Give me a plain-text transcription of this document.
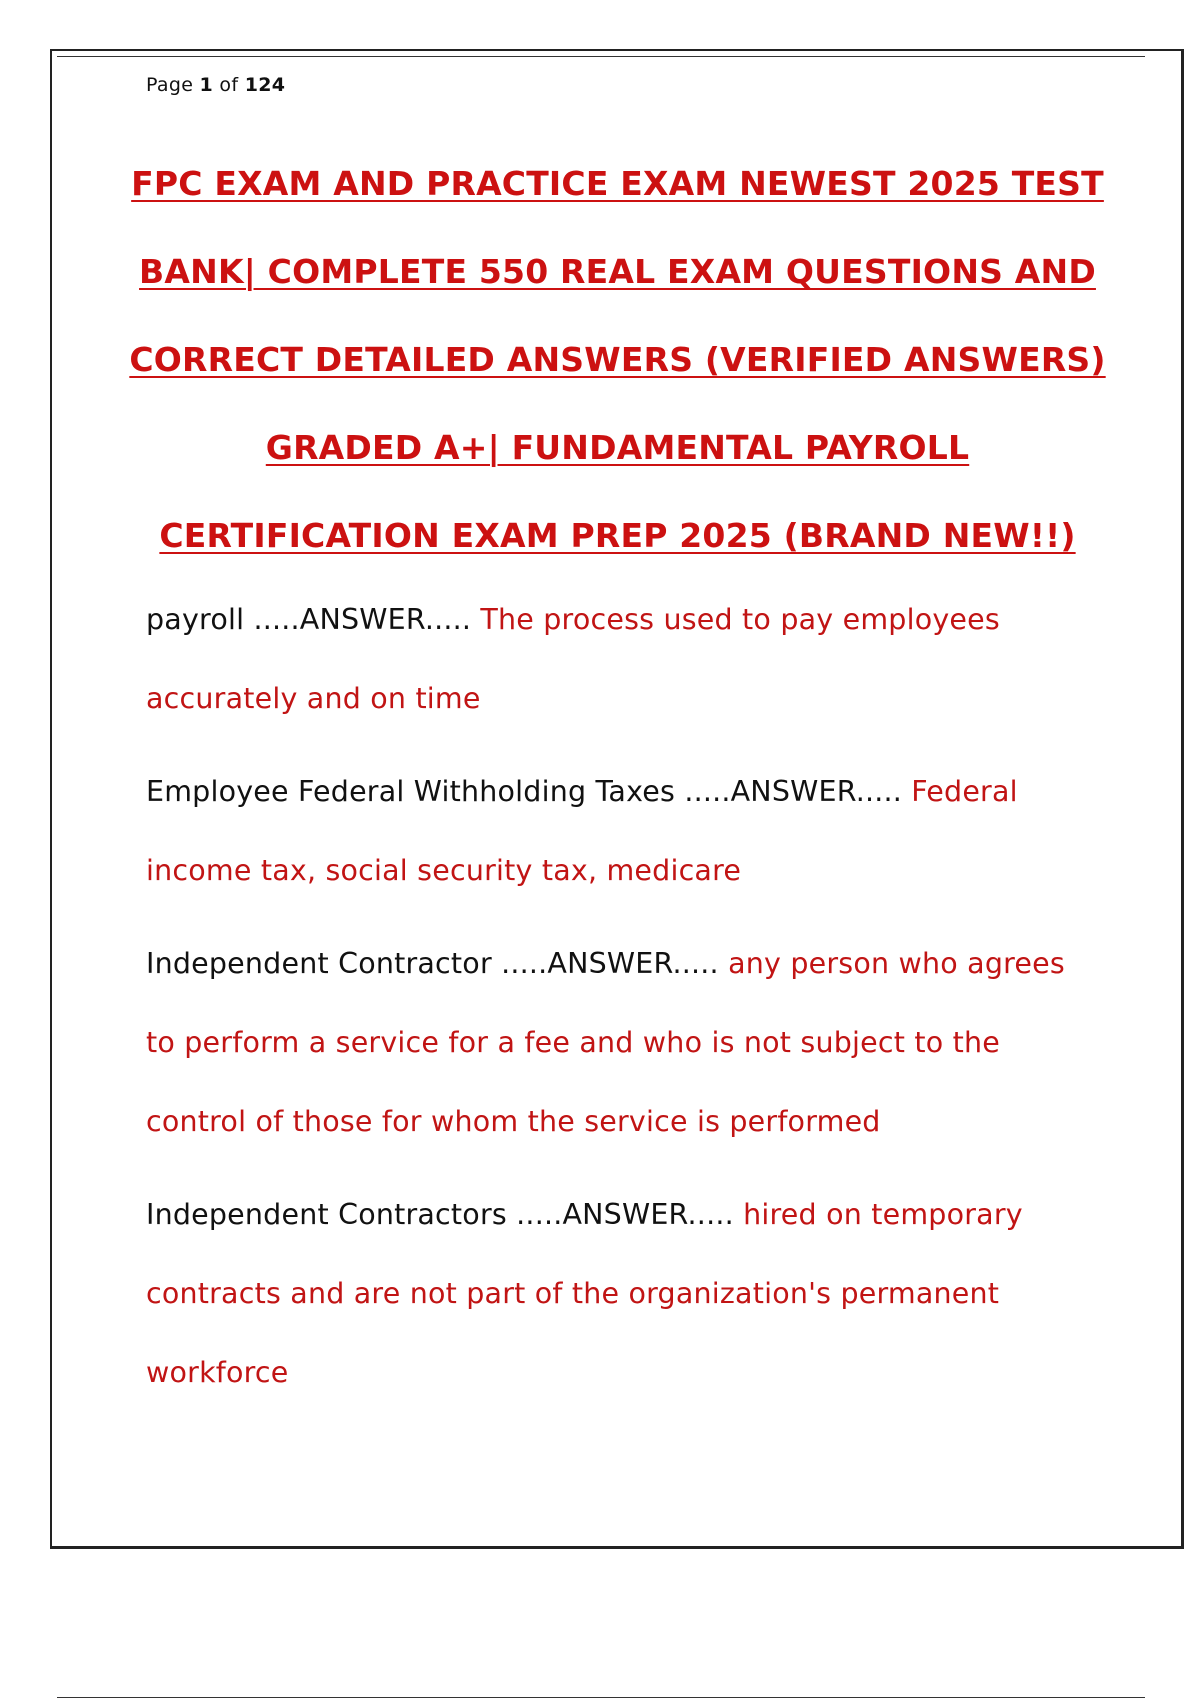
Page 1 of 124
FPC EXAM AND PRACTICE EXAM NEWEST 2025 TEST
BANK| COMPLETE 550 REAL EXAM QUESTIONS AND
CORRECT DETAILED ANSWERS (VERIFIED ANSWERS)
GRADED A+| FUNDAMENTAL PAYROLL
CERTIFICATION EXAM PREP 2025 (BRAND NEW!!)
payroll .....ANSWER..... The process used to pay employees accurately and on time
Employee Federal Withholding Taxes .....ANSWER..... Federal income tax, social security tax, medicare
Independent Contractor .....ANSWER..... any person who agrees to perform a service for a fee and who is not subject to the control of those for whom the service is performed
Independent Contractors .....ANSWER..... hired on temporary contracts and are not part of the organization's permanent workforce
